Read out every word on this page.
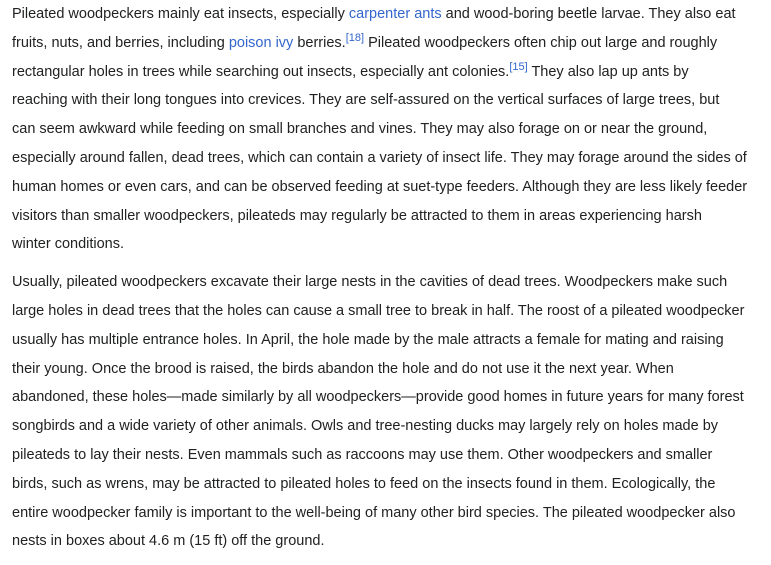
Pileated woodpeckers mainly eat insects, especially carpenter ants and wood-boring beetle larvae. They also eat
fruits, nuts, and berries, including poison ivy berries.[18] Pileated woodpeckers often chip out large and roughly
rectangular holes in trees while searching out insects, especially ant colonies.[15] They also lap up ants by
reaching with their long tongues into crevices. They are self-assured on the vertical surfaces of large trees, but
can seem awkward while feeding on small branches and vines. They may also forage on or near the ground,
especially around fallen, dead trees, which can contain a variety of insect life. They may forage around the sides of
human homes or even cars, and can be observed feeding at suet-type feeders. Although they are less likely feeder
visitors than smaller woodpeckers, pileateds may regularly be attracted to them in areas experiencing harsh
winter conditions.

Usually, pileated woodpeckers excavate their large nests in the cavities of dead trees. Woodpeckers make such
large holes in dead trees that the holes can cause a small tree to break in half. The roost of a pileated woodpecker
usually has multiple entrance holes. In April, the hole made by the male attracts a female for mating and raising
their young. Once the brood is raised, the birds abandon the hole and do not use it the next year. When
abandoned, these holes—made similarly by all woodpeckers—provide good homes in future years for many forest
songbirds and a wide variety of other animals. Owls and tree-nesting ducks may largely rely on holes made by
pileateds to lay their nests. Even mammals such as raccoons may use them. Other woodpeckers and smaller
birds, such as wrens, may be attracted to pileated holes to feed on the insects found in them. Ecologically, the
entire woodpecker family is important to the well-being of many other bird species. The pileated woodpecker also
nests in boxes about 4.6 m (15 ft) off the ground.
